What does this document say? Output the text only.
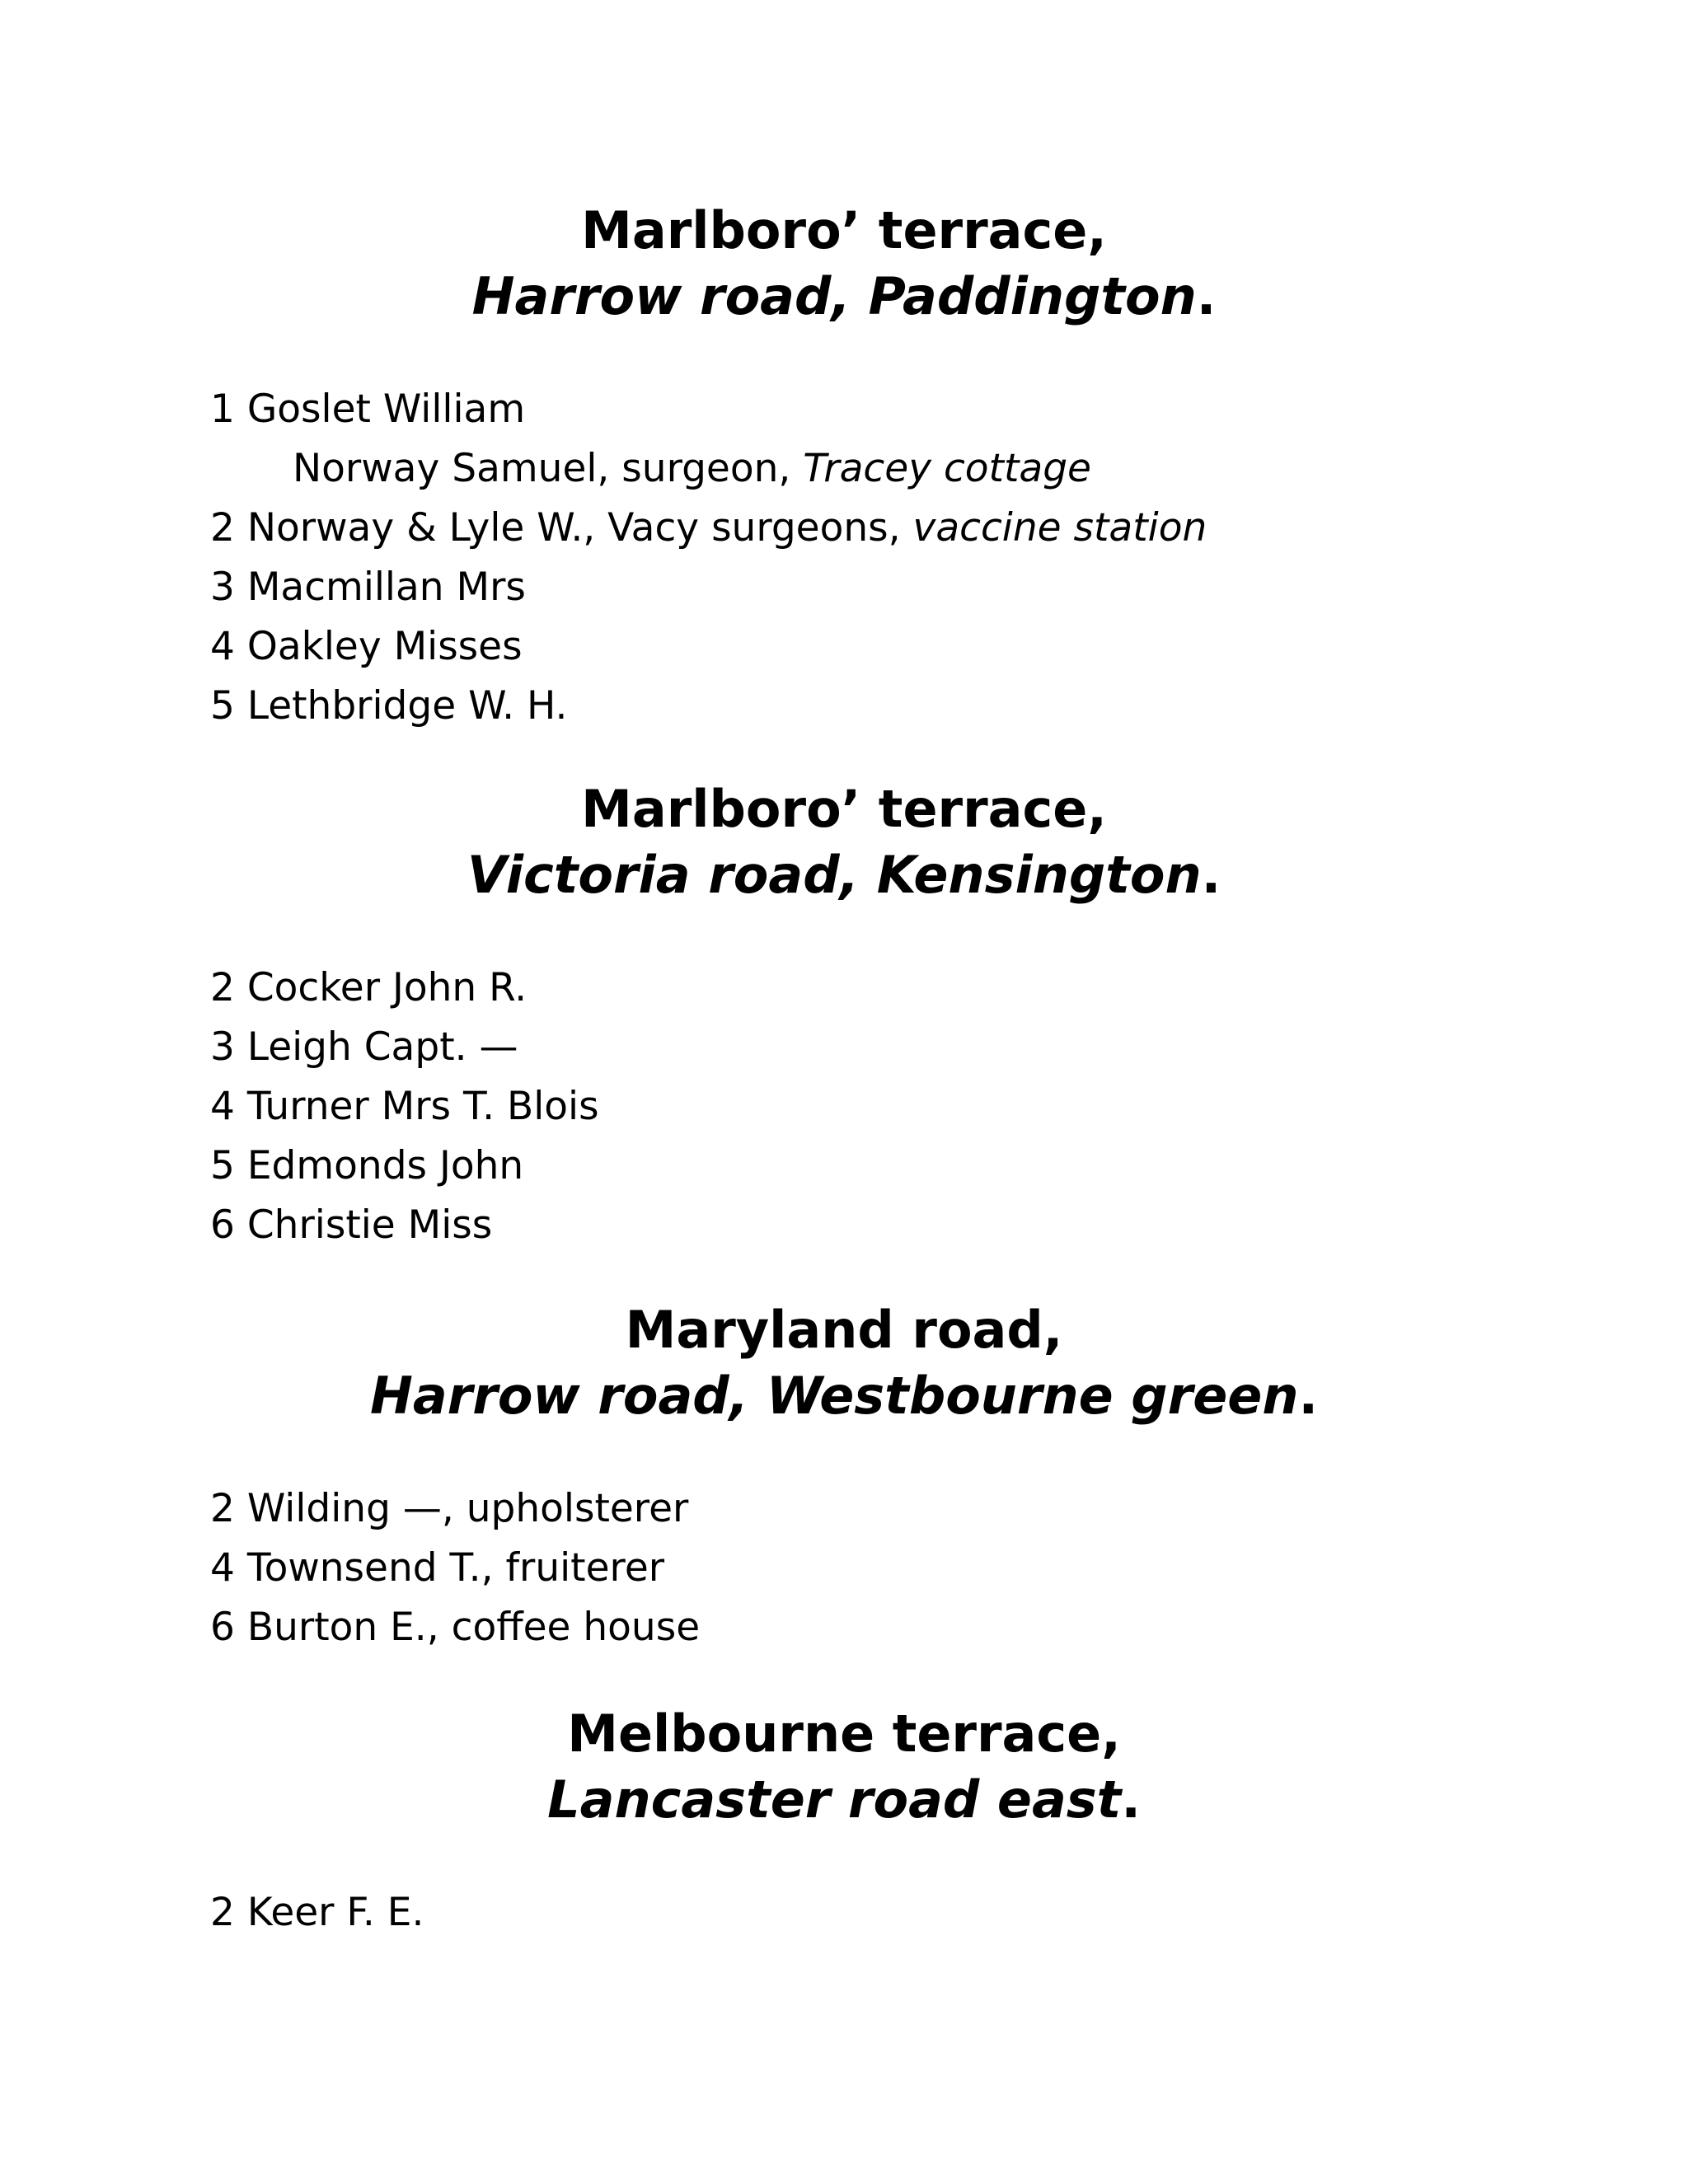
Marlboro’ terrace,
Harrow road, Paddington.
1 Goslet William
Norway Samuel, surgeon, Tracey cottage
2 Norway & Lyle W., Vacy surgeons, vaccine station
3 Macmillan Mrs
4 Oakley Misses
5 Lethbridge W. H.
Marlboro’ terrace,
Victoria road, Kensington.
2 Cocker John R.
3 Leigh Capt. —
4 Turner Mrs T. Blois
5 Edmonds John
6 Christie Miss
Maryland road,
Harrow road, Westbourne green.
2 Wilding —, upholsterer
4 Townsend T., fruiterer
6 Burton E., coffee house
Melbourne terrace,
Lancaster road east.
2 Keer F. E.
